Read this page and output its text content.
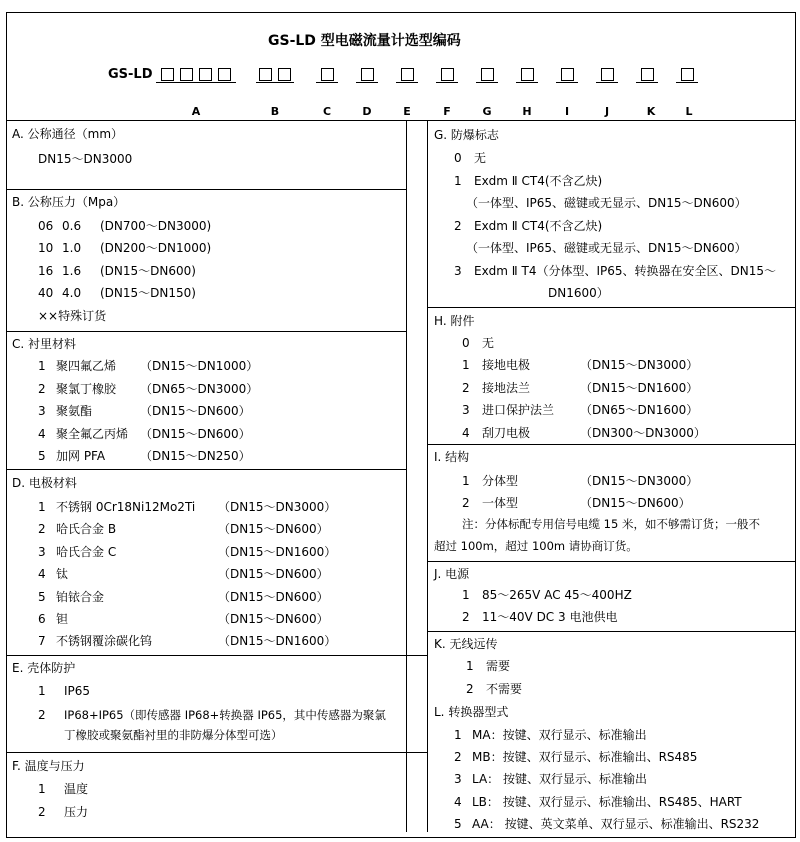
GS-LD 型电磁流量计选型编码
GS-LD
A	B	C	D	E	F	G	H	I	J	K	L
A. 公称通径（mm）
DN15～DN3000
B. 公称压力（Mpa）
06 0.6 (DN700～DN3000)
10 1.0 (DN200～DN1000)
16 1.6 (DN15～DN600)
40 4.0 (DN15～DN150)
××特殊订货
C. 衬里材料
1 聚四氟乙烯 （DN15～DN1000）
2 聚氯丁橡胶 （DN65～DN3000）
3 聚氨酯	（DN15～DN600）
4 聚全氟乙丙烯 （DN15～DN600）
5 加网 PFA	（DN15～DN250）
D. 电极材料
1 不锈钢 0Cr18Ni12Mo2Ti （DN15～DN3000）
2 哈氏合金 B	（DN15～DN600）
3 哈氏合金 C	（DN15～DN1600）
4 钛	（DN15～DN600）
5 铂铱合金	（DN15～DN600）
6 钽	（DN15～DN600）
7 不锈钢覆涂碳化钨	（DN15～DN1600）
E. 壳体防护
1 IP65
2 IP68+IP65（即传感器 IP68+转换器 IP65，其中传感器为聚氯
丁橡胶或聚氨酯衬里的非防爆分体型可选）
F. 温度与压力
1 温度
2 压力
G. 防爆标志
0 无
1 Exdm Ⅱ CT4(不含乙炔)
（一体型、IP65、磁键或无显示、DN15～DN600）
2 Exdm Ⅱ CT4(不含乙炔)
（一体型、IP65、磁键或无显示、DN15～DN600）
3 Exdm Ⅱ T4（分体型、IP65、转换器在安全区、DN15～
DN1600）
H. 附件
0 无
1 接地电极	（DN15～DN3000）
2 接地法兰	（DN15～DN1600）
3 进口保护法兰 （DN65～DN1600）
4 刮刀电极	（DN300～DN3000）
I. 结构
1 分体型	（DN15～DN3000）
2 一体型	（DN15～DN600）
注：分体标配专用信号电缆 15 米，如不够需订货；一般不
超过 100m，超过 100m 请协商订货。
J. 电源
1 85～265V AC 45～400HZ
2 11～40V DC 3 电池供电
K. 无线远传
1 需要
2 不需要
L. 转换器型式
1 MA：按键、双行显示、标准输出
2 MB：按键、双行显示、标准输出、RS485
3 LA： 按键、双行显示、标准输出
4 LB： 按键、双行显示、标准输出、RS485、HART
5 AA： 按键、英文菜单、双行显示、标准输出、RS232
